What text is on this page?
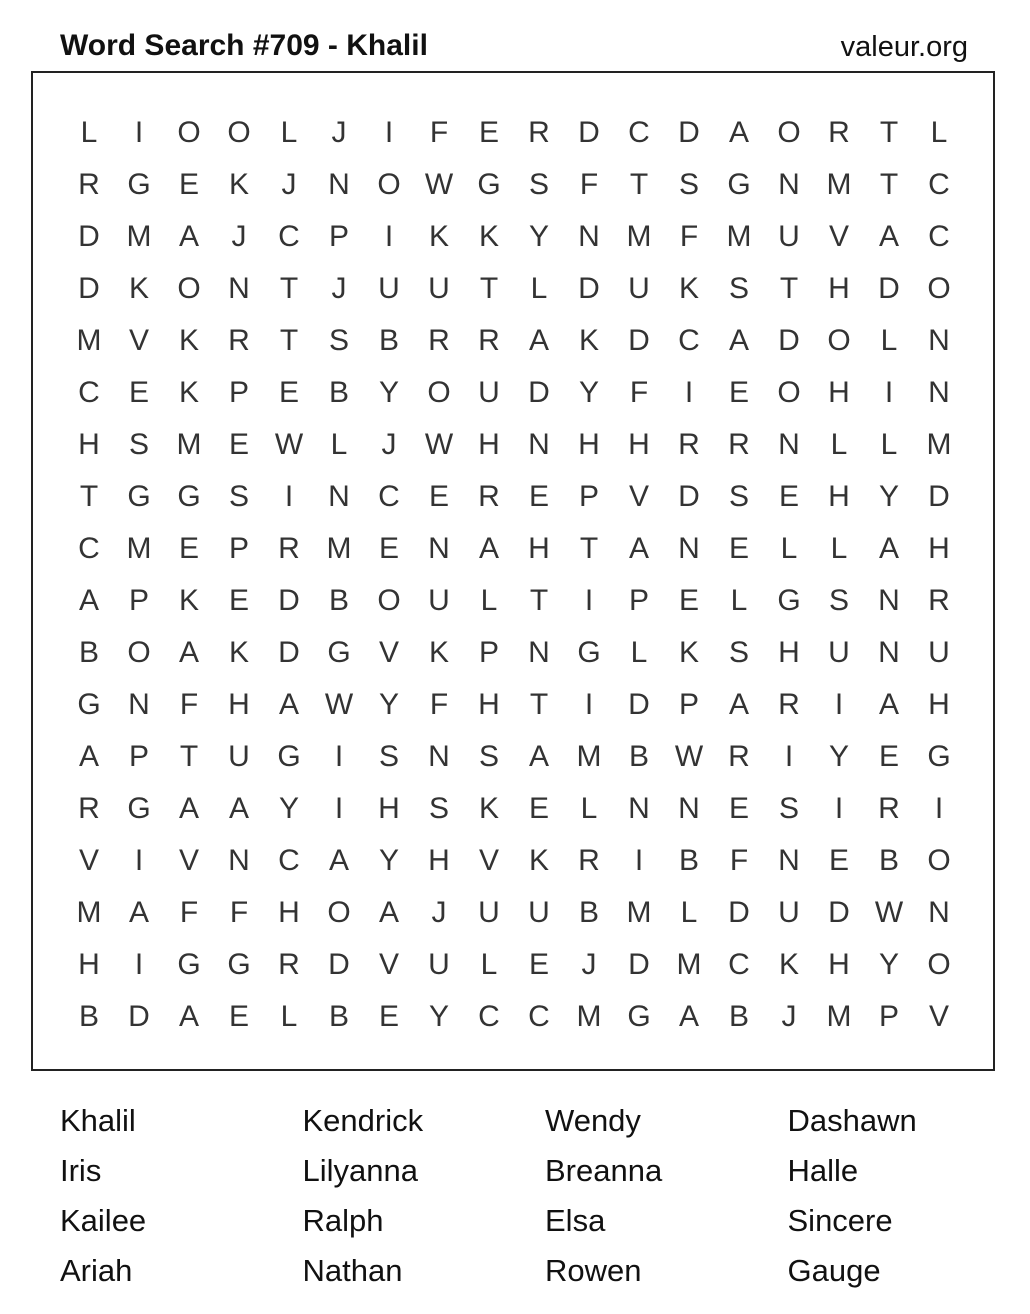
Word Search #709 - Khalil	valeur.org
L	I	O O L	J	I	F	E R D C D A O R	T	L
R G E K	J	N O W G S	F	T	S G N M T	C
D M A	J	C P	I	K K Y N M F M U V A C
D K O N	T	J	U U	T	L	D U K S	T	H D O
M V K R	T	S B R R A K D C A D O L	N
C E K P E B Y O U D Y	F	I	E O H	I	N
H S M E W L	J W H N H H R R N	L	L M
T G G S	I	N C E R E P V D S E H Y D
C M E P R M E N A H	T	A N E	L	L	A H
A P K E D B O U	L	T	I	P E	L G S N R
B O A K D G V K P N G L	K S H U N U
G N	F	H A W Y	F	H	T	I	D P A R	I	A H
A P	T	U G	I	S N S A M B W R	I	Y E G
R G A A Y	I	H S K E	L	N N E S	I	R	I
V	I	V N C A Y H V K R	I	B	F	N E B O
M A	F	F	H O A	J	U U B M L	D U D W N
H	I	G G R D V U	L	E	J	D M C K H Y O
B D A E	L	B E Y C C M G A B	J	M P V
Khalil	Kendrick	Wendy	Dashawn
Iris	Lilyanna	Breanna	Halle
Kailee	Ralph	Elsa	Sincere
Ariah	Nathan	Rowen	Gauge
